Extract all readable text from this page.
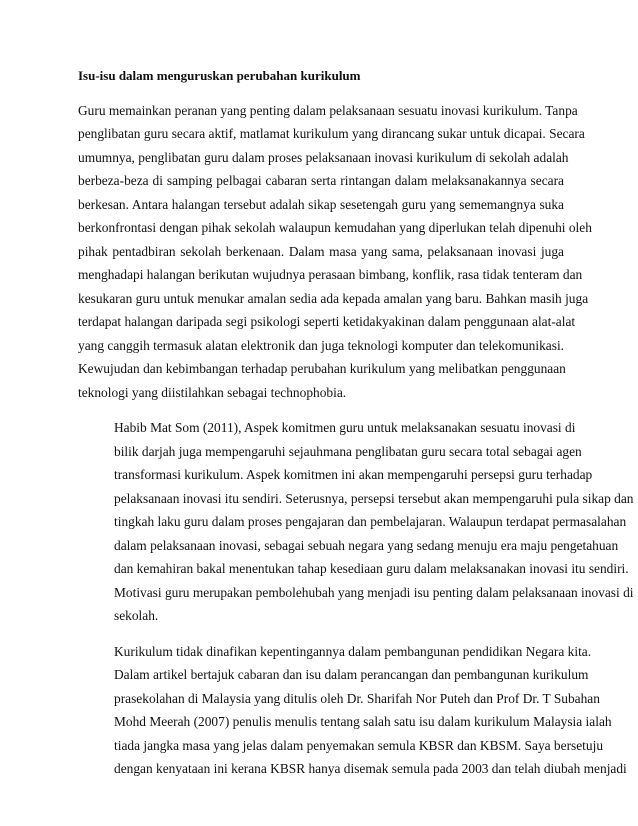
Isu-isu dalam menguruskan perubahan kurikulum
Guru memainkan peranan yang penting dalam pelaksanaan sesuatu inovasi kurikulum. Tanpa
penglibatan guru secara aktif, matlamat kurikulum yang dirancang sukar untuk dicapai. Secara
umumnya, penglibatan guru dalam proses pelaksanaan inovasi kurikulum di sekolah adalah
berbeza-beza di samping pelbagai cabaran serta rintangan dalam melaksanakannya secara
berkesan. Antara halangan tersebut adalah sikap sesetengah guru yang sememangnya suka
berkonfrontasi dengan pihak sekolah walaupun kemudahan yang diperlukan telah dipenuhi oleh
pihak pentadbiran sekolah berkenaan. Dalam masa yang sama, pelaksanaan inovasi juga
menghadapi halangan berikutan wujudnya perasaan bimbang, konflik, rasa tidak tenteram dan
kesukaran guru untuk menukar amalan sedia ada kepada amalan yang baru. Bahkan masih juga
terdapat halangan daripada segi psikologi seperti ketidakyakinan dalam penggunaan alat-alat
yang canggih termasuk alatan elektronik dan juga teknologi komputer dan telekomunikasi.
Kewujudan dan kebimbangan terhadap perubahan kurikulum yang melibatkan penggunaan
teknologi yang diistilahkan sebagai technophobia.
Habib Mat Som (2011), Aspek komitmen guru untuk melaksanakan sesuatu inovasi di
bilik darjah juga mempengaruhi sejauhmana penglibatan guru secara total sebagai agen
transformasi kurikulum. Aspek komitmen ini akan mempengaruhi persepsi guru terhadap
pelaksanaan inovasi itu sendiri. Seterusnya, persepsi tersebut akan mempengaruhi pula sikap dan
tingkah laku guru dalam proses pengajaran dan pembelajaran. Walaupun terdapat permasalahan
dalam pelaksanaan inovasi, sebagai sebuah negara yang sedang menuju era maju pengetahuan
dan kemahiran bakal menentukan tahap kesediaan guru dalam melaksanakan inovasi itu sendiri.
Motivasi guru merupakan pembolehubah yang menjadi isu penting dalam pelaksanaan inovasi di
sekolah.
Kurikulum tidak dinafikan kepentingannya dalam pembangunan pendidikan Negara kita.
Dalam artikel bertajuk cabaran dan isu dalam perancangan dan pembangunan kurikulum
prasekolahan di Malaysia yang ditulis oleh Dr. Sharifah Nor Puteh dan Prof Dr. T Subahan
Mohd Meerah (2007) penulis menulis tentang salah satu isu dalam kurikulum Malaysia ialah
tiada jangka masa yang jelas dalam penyemakan semula KBSR dan KBSM. Saya bersetuju
dengan kenyataan ini kerana KBSR hanya disemak semula pada 2003 dan telah diubah menjadi
